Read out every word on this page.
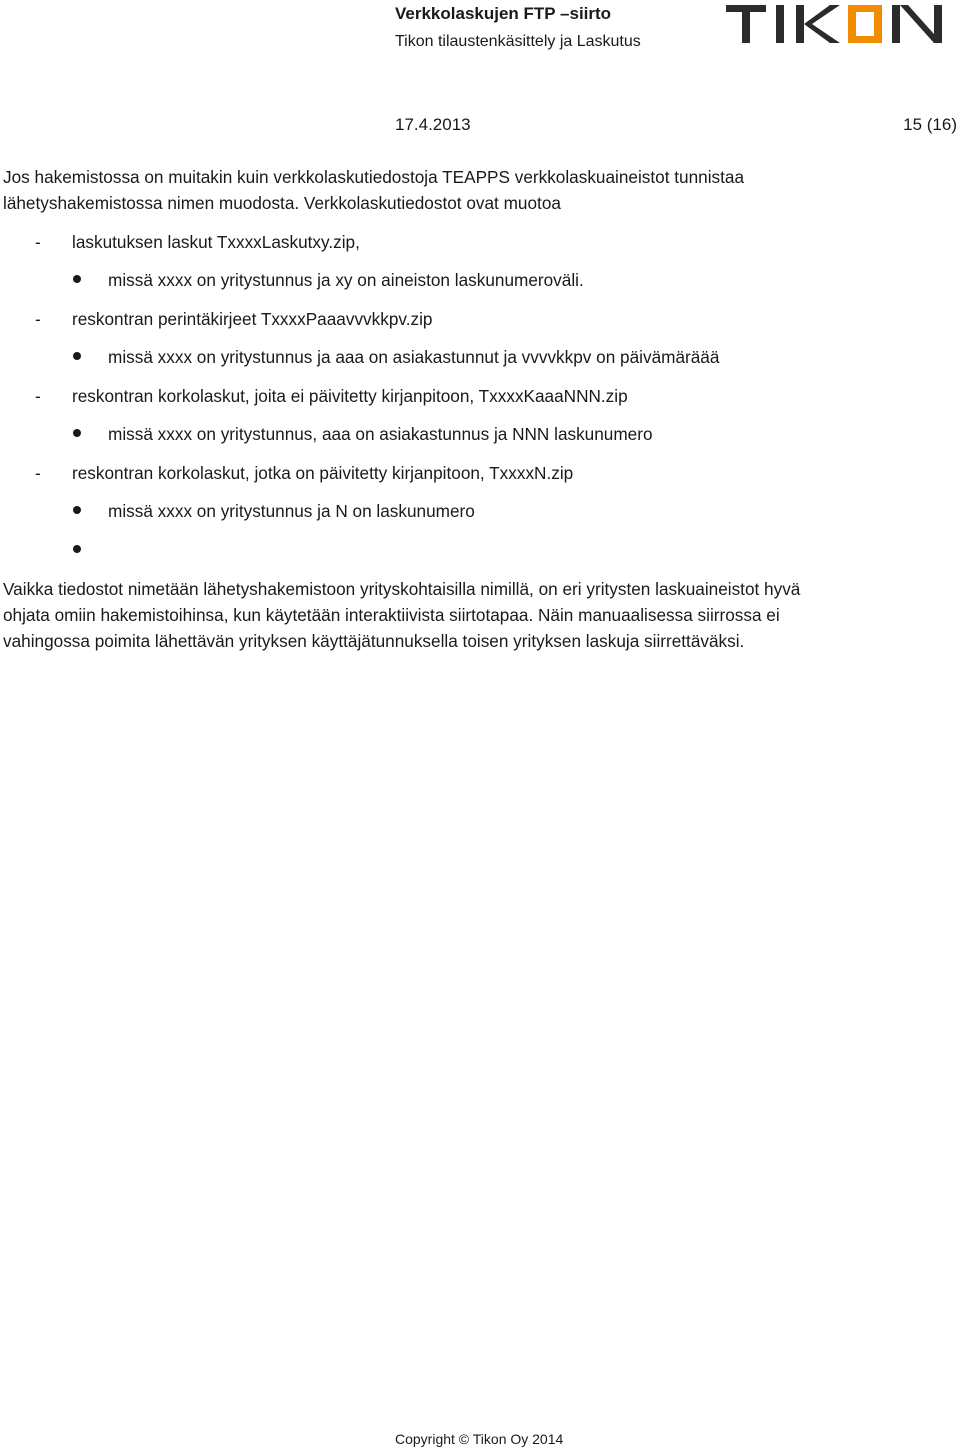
Verkkolaskujen FTP –siirto
Tikon tilaustenkäsittely ja Laskutus
17.4.2013	15 (16)
Jos hakemistossa on muitakin kuin verkkolaskutiedostoja TEAPPS verkkolaskuaineistot tunnistaa
lähetyshakemistossa nimen muodosta. Verkkolaskutiedostot ovat muotoa
- laskutuksen laskut TxxxxLaskutxy.zip,
missä xxxx on yritystunnus ja xy on aineiston laskunumeroväli.
- reskontran perintäkirjeet TxxxxPaaavvvkkpv.zip
missä xxxx on yritystunnus ja aaa on asiakastunnut ja vvvvkkpv on päivämäräää
- reskontran korkolaskut, joita ei päivitetty kirjanpitoon, TxxxxKaaaNNN.zip
missä xxxx on yritystunnus, aaa on asiakastunnus ja NNN laskunumero
- reskontran korkolaskut, jotka on päivitetty kirjanpitoon, TxxxxN.zip
missä xxxx on yritystunnus ja N on laskunumero
Vaikka tiedostot nimetään lähetyshakemistoon yrityskohtaisilla nimillä, on eri yritysten laskuaineistot hyvä
ohjata omiin hakemistoihinsa, kun käytetään interaktiivista siirtotapaa. Näin manuaalisessa siirrossa ei
vahingossa poimita lähettävän yrityksen käyttäjätunnuksella toisen yrityksen laskuja siirrettäväksi.
Copyright © Tikon Oy 2014
